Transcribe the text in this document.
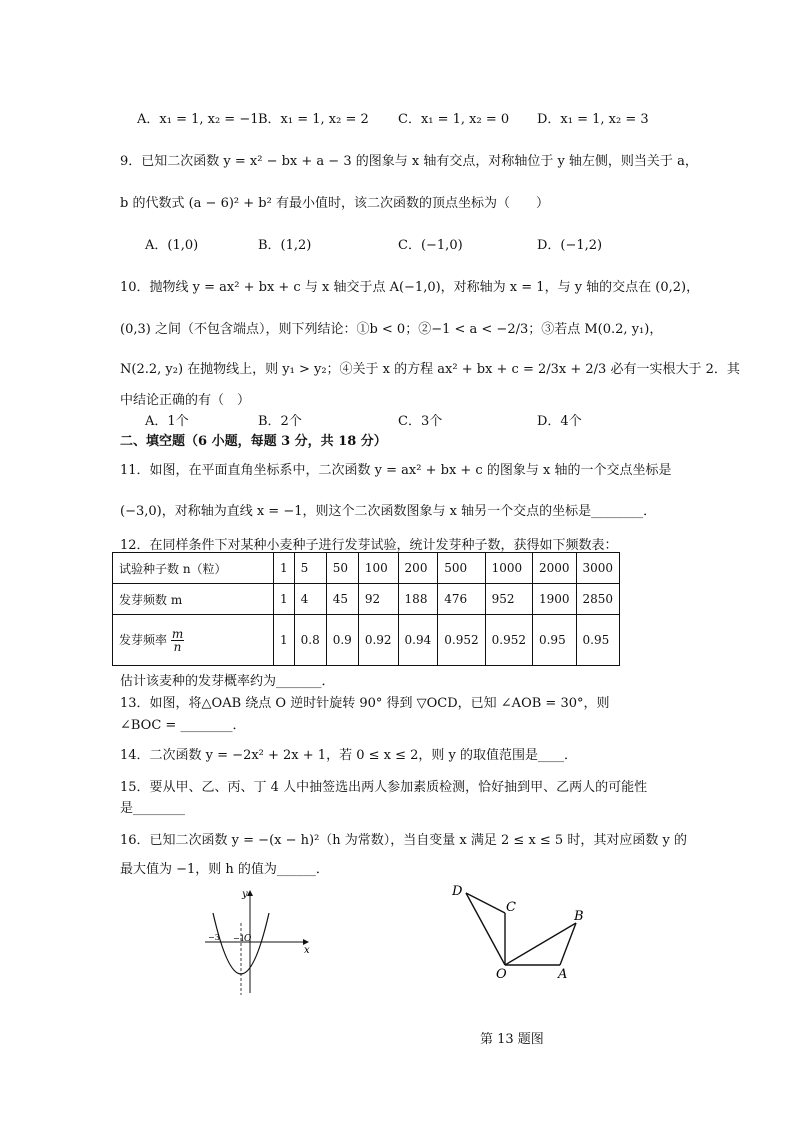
A．x₁ = 1, x₂ = −1 B．x₁ = 1, x₂ = 2 C．x₁ = 1, x₂ = 0 D．x₁ = 1, x₂ = 3
9．已知二次函数 y = x² − bx + a − 3 的图象与 x 轴有交点，对称轴位于 y 轴左侧，则当关于 a，
b 的代数式 (a − 6)² + b² 有最小值时，该二次函数的顶点坐标为（　　）
A．(1,0)	B．(1,2)	C．(−1,0)	D．(−1,2)
10．抛物线 y = ax² + bx + c 与 x 轴交于点 A(−1,0)，对称轴为 x = 1，与 y 轴的交点在 (0,2)，
(0,3) 之间（不包含端点），则下列结论：①b < 0；②−1 < a < −2/3；③若点 M(0.2, y₁)，
N(2.2, y₂) 在抛物线上，则 y₁ > y₂；④关于 x 的方程 ax² + bx + c = 2/3x + 2/3 必有一实根大于 2．其
中结论正确的有（　）
A．1个	B．2个	C．3个	D．4个
二、填空题（6 小题，每题 3 分，共 18 分）
11．如图，在平面直角坐标系中，二次函数 y = ax² + bx + c 的图象与 x 轴的一个交点坐标是
(−3,0)，对称轴为直线 x = −1，则这个二次函数图象与 x 轴另一个交点的坐标是________．
12．在同样条件下对某种小麦种子进行发芽试验，统计发芽种子数，获得如下频数表：
试验种子数 n（粒）	1	5	50	100	200	500	1000	2000	3000
发芽频数 m	1	4	45	92	188	476	952	1900	2850
发芽频率 $\frac{m}{n}$	1	0.8	0.9	0.92	0.94	0.952	0.952	0.95	0.95
估计该麦种的发芽概率约为_______．
13．如图，将△OAB 绕点 O 逆时针旋转 90° 得到 ▽OCD，已知 ∠AOB = 30°，则
∠BOC = ________．
14．二次函数 y = −2x² + 2x + 1，若 0 ≤ x ≤ 2，则 y 的取值范围是____．
15．要从甲、乙、丙、丁 4 人中抽签选出两人参加素质检测，恰好抽到甲、乙两人的可能性
是________
16．已知二次函数 y = −(x − h)²（h 为常数），当自变量 x 满足 2 ≤ x ≤ 5 时，其对应函数 y 的
最大值为 −1，则 h 的值为______．
x
y
O
−3 −1
D
C
B
O	A
第 13 题图
